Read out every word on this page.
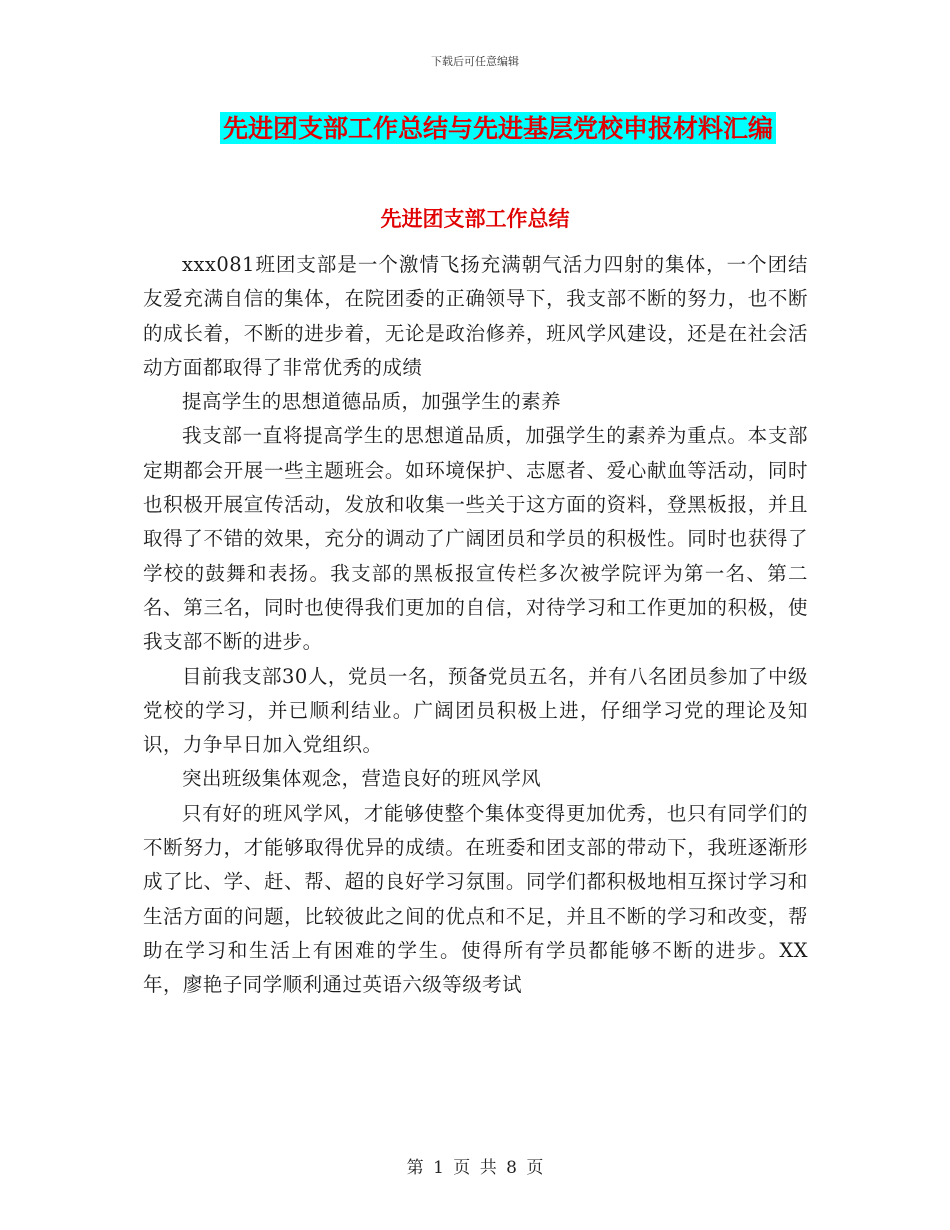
下载后可任意编辑
先进团支部工作总结与先进基层党校申报材料汇编
先进团支部工作总结

xxx081班团支部是一个激情飞扬充满朝气活力四射的集体，一个团结友爱充满自信的集体，在院团委的正确领导下，我支部不断的努力，也不断的成长着，不断的进步着，无论是政治修养，班风学风建设，还是在社会活动方面都取得了非常优秀的成绩

提高学生的思想道德品质，加强学生的素养

我支部一直将提高学生的思想道品质，加强学生的素养为重点。本支部定期都会开展一些主题班会。如环境保护、志愿者、爱心献血等活动，同时也积极开展宣传活动，发放和收集一些关于这方面的资料，登黑板报，并且取得了不错的效果，充分的调动了广阔团员和学员的积极性。同时也获得了学校的鼓舞和表扬。我支部的黑板报宣传栏多次被学院评为第一名、第二名、第三名，同时也使得我们更加的自信，对待学习和工作更加的积极，使我支部不断的进步。

目前我支部30人，党员一名，预备党员五名，并有八名团员参加了中级党校的学习，并已顺利结业。广阔团员积极上进，仔细学习党的理论及知识，力争早日加入党组织。

突出班级集体观念，营造良好的班风学风

只有好的班风学风，才能够使整个集体变得更加优秀，也只有同学们的不断努力，才能够取得优异的成绩。在班委和团支部的带动下，我班逐渐形成了比、学、赶、帮、超的良好学习氛围。同学们都积极地相互探讨学习和生活方面的问题，比较彼此之间的优点和不足，并且不断的学习和改变，帮助在学习和生活上有困难的学生。使得所有学员都能够不断的进步。XX年，廖艳子同学顺利通过英语六级等级考试

第 1 页 共 8 页
